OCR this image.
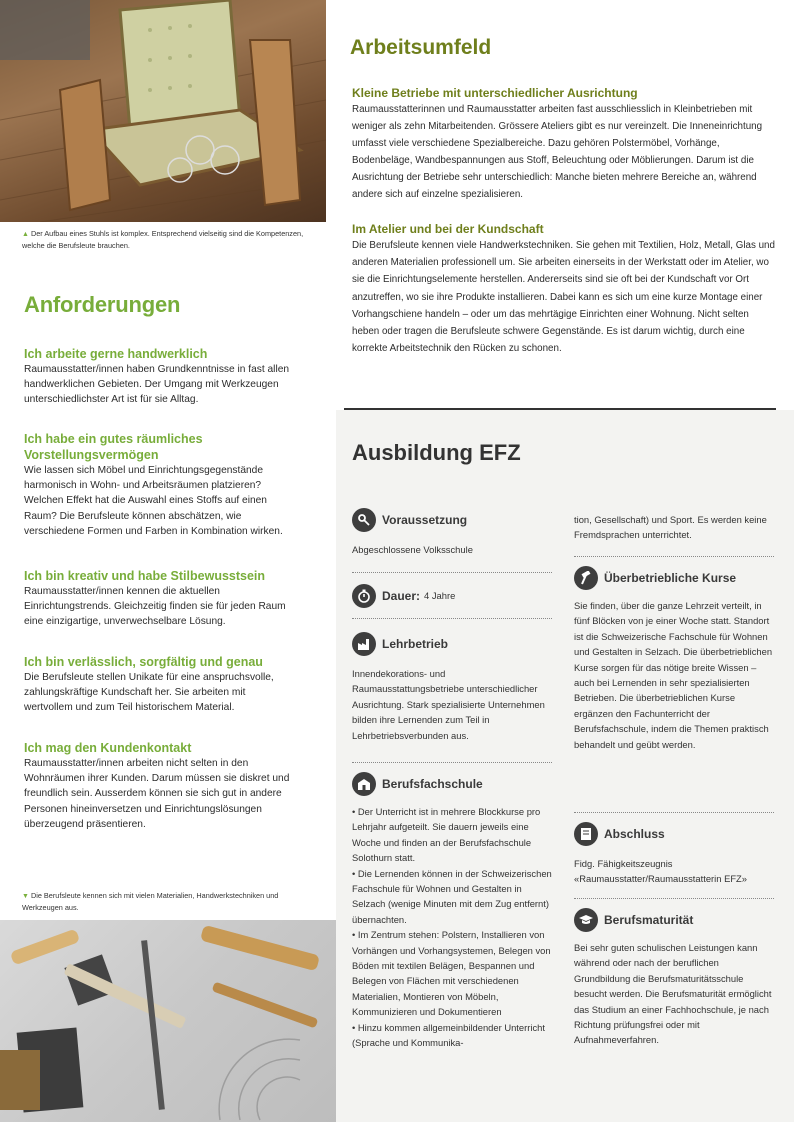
▲ Der Aufbau eines Stuhls ist komplex. Entsprechend vielseitig sind die Kompetenzen, welche die Berufsleute brauchen.
Anforderungen
Ich arbeite gerne handwerklich
Raumausstatter/innen haben Grundkenntnisse in fast allen handwerklichen Gebieten. Der Umgang mit Werkzeugen unterschiedlichster Art ist für sie Alltag.
Ich habe ein gutes räumliches Vorstellungsvermögen
Wie lassen sich Möbel und Einrichtungsgegenstände harmonisch in Wohn- und Arbeitsräumen platzieren? Welchen Effekt hat die Auswahl eines Stoffs auf einen Raum? Die Berufsleute können abschätzen, wie verschiedene Formen und Farben in Kombination wirken.
Ich bin kreativ und habe Stilbewusstsein
Raumausstatter/innen kennen die aktuellen Einrichtungstrends. Gleichzeitig finden sie für jeden Raum eine einzigartige, unverwechselbare Lösung.
Ich bin verlässlich, sorgfältig und genau
Die Berufsleute stellen Unikate für eine anspruchsvolle, zahlungskräftige Kundschaft her. Sie arbeiten mit wertvollem und zum Teil historischem Material.
Ich mag den Kundenkontakt
Raumausstatter/innen arbeiten nicht selten in den Wohnräumen ihrer Kunden. Darum müssen sie diskret und freundlich sein. Ausserdem können sie sich gut in andere Personen hineinversetzen und Einrichtungslösungen überzeugend präsentieren.
▼ Die Berufsleute kennen sich mit vielen Materialien, Handwerkstechniken und Werkzeugen aus.
Arbeitsumfeld
Kleine Betriebe mit unterschiedlicher Ausrichtung
Raumausstatterinnen und Raumausstatter arbeiten fast ausschliesslich in Kleinbetrieben mit weniger als zehn Mitarbeitenden. Grössere Ateliers gibt es nur vereinzelt. Die Inneneinrichtung umfasst viele verschiedene Spezialbereiche. Dazu gehören Polstermöbel, Vorhänge, Bodenbeläge, Wandbespannungen aus Stoff, Beleuchtung oder Möblierungen. Darum ist die Ausrichtung der Betriebe sehr unterschiedlich: Manche bieten mehrere Bereiche an, während andere sich auf einzelne spezialisieren.
Im Atelier und bei der Kundschaft
Die Berufsleute kennen viele Handwerkstechniken. Sie gehen mit Textilien, Holz, Metall, Glas und anderen Materialien professionell um. Sie arbeiten einerseits in der Werkstatt oder im Atelier, wo sie die Einrichtungselemente herstellen. Andererseits sind sie oft bei der Kundschaft vor Ort anzutreffen, wo sie ihre Produkte installieren. Dabei kann es sich um eine kurze Montage einer Vorhangschiene handeln – oder um das mehrtägige Einrichten einer Wohnung. Nicht selten heben oder tragen die Berufsleute schwere Gegenstände. Es ist darum wichtig, durch eine korrekte Arbeitstechnik den Rücken zu schonen.
Ausbildung EFZ
Voraussetzung
Abgeschlossene Volksschule
Dauer: 4 Jahre
Lehrbetrieb
Innendekorations- und Raumausstattungsbetriebe unterschiedlicher Ausrichtung. Stark spezialisierte Unternehmen bilden ihre Lernenden zum Teil in Lehrbetriebsverbunden aus.
Berufsfachschule
• Der Unterricht ist in mehrere Blockkurse pro Lehrjahr aufgeteilt. Sie dauern jeweils eine Woche und finden an der Berufsfachschule Solothurn statt.
• Die Lernenden können in der Schweizerischen Fachschule für Wohnen und Gestalten in Selzach (wenige Minuten mit dem Zug entfernt) übernachten.
• Im Zentrum stehen: Polstern, Installieren von Vorhängen und Vorhangsystemen, Belegen von Böden mit textilen Belägen, Bespannen und Belegen von Flächen mit verschiedenen Materialien, Montieren von Möbeln, Kommunizieren und Dokumentieren
• Hinzu kommen allgemeinbildender Unterricht (Sprache und Kommunika-
tion, Gesellschaft) und Sport. Es werden keine Fremdsprachen unterrichtet.
Überbetriebliche Kurse
Sie finden, über die ganze Lehrzeit verteilt, in fünf Blöcken von je einer Woche statt. Standort ist die Schweizerische Fachschule für Wohnen und Gestalten in Selzach. Die überbetrieblichen Kurse sorgen für das nötige breite Wissen – auch bei Lernenden in sehr spezialisierten Betrieben. Die überbetrieblichen Kurse ergänzen den Fachunterricht der Berufsfachschule, indem die Themen praktisch behandelt und geübt werden.
Abschluss
Fidg. Fähigkeitszeugnis «Raumausstatter/Raumausstatterin EFZ»
Berufsmaturität
Bei sehr guten schulischen Leistungen kann während oder nach der beruflichen Grundbildung die Berufsmaturitätsschule besucht werden. Die Berufsmaturität ermöglicht das Studium an einer Fachhochschule, je nach Richtung prüfungsfrei oder mit Aufnahmeverfahren.
